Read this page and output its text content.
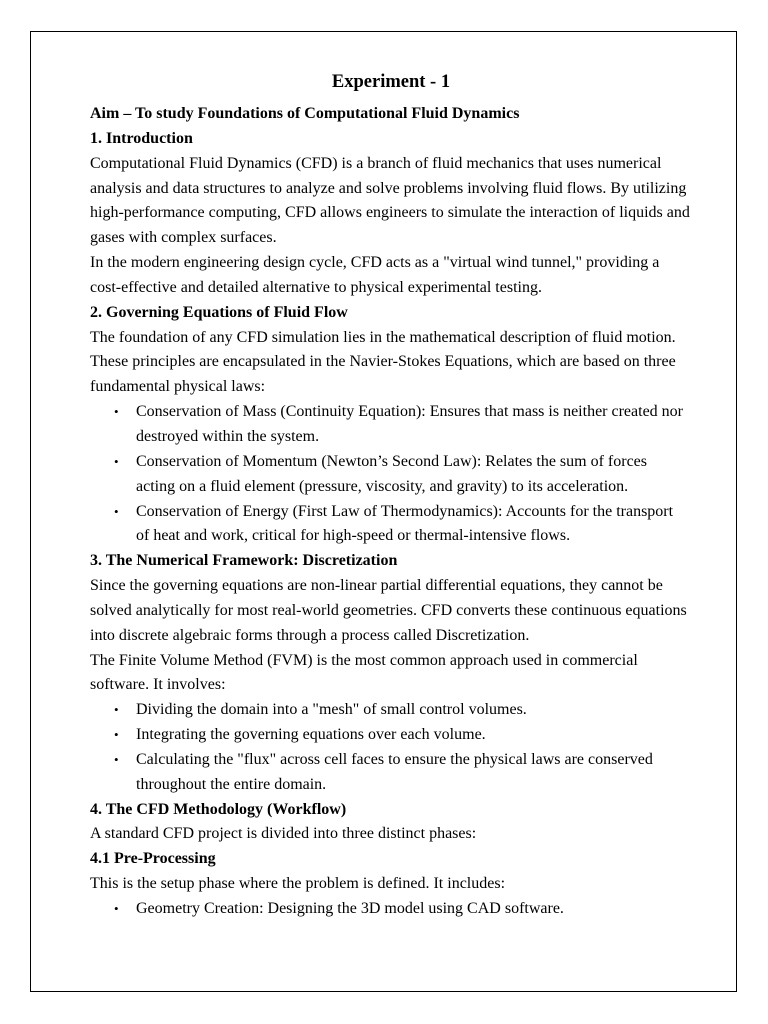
Experiment - 1
Aim – To study Foundations of Computational Fluid Dynamics
1. Introduction

Computational Fluid Dynamics (CFD) is a branch of fluid mechanics that uses numerical analysis and data structures to analyze and solve problems involving fluid flows. By utilizing high-performance computing, CFD allows engineers to simulate the interaction of liquids and gases with complex surfaces.

In the modern engineering design cycle, CFD acts as a "virtual wind tunnel," providing a cost-effective and detailed alternative to physical experimental testing.

2. Governing Equations of Fluid Flow

The foundation of any CFD simulation lies in the mathematical description of fluid motion. These principles are encapsulated in the Navier-Stokes Equations, which are based on three fundamental physical laws:

• Conservation of Mass (Continuity Equation): Ensures that mass is neither created nor destroyed within the system.
• Conservation of Momentum (Newton’s Second Law): Relates the sum of forces acting on a fluid element (pressure, viscosity, and gravity) to its acceleration.
• Conservation of Energy (First Law of Thermodynamics): Accounts for the transport of heat and work, critical for high-speed or thermal-intensive flows.
3. The Numerical Framework: Discretization

Since the governing equations are non-linear partial differential equations, they cannot be solved analytically for most real-world geometries. CFD converts these continuous equations into discrete algebraic forms through a process called Discretization.

The Finite Volume Method (FVM) is the most common approach used in commercial software. It involves:

• Dividing the domain into a "mesh" of small control volumes.
• Integrating the governing equations over each volume.
• Calculating the "flux" across cell faces to ensure the physical laws are conserved throughout the entire domain.
4. The CFD Methodology (Workflow)

A standard CFD project is divided into three distinct phases:

4.1 Pre-Processing

This is the setup phase where the problem is defined. It includes:

• Geometry Creation: Designing the 3D model using CAD software.
